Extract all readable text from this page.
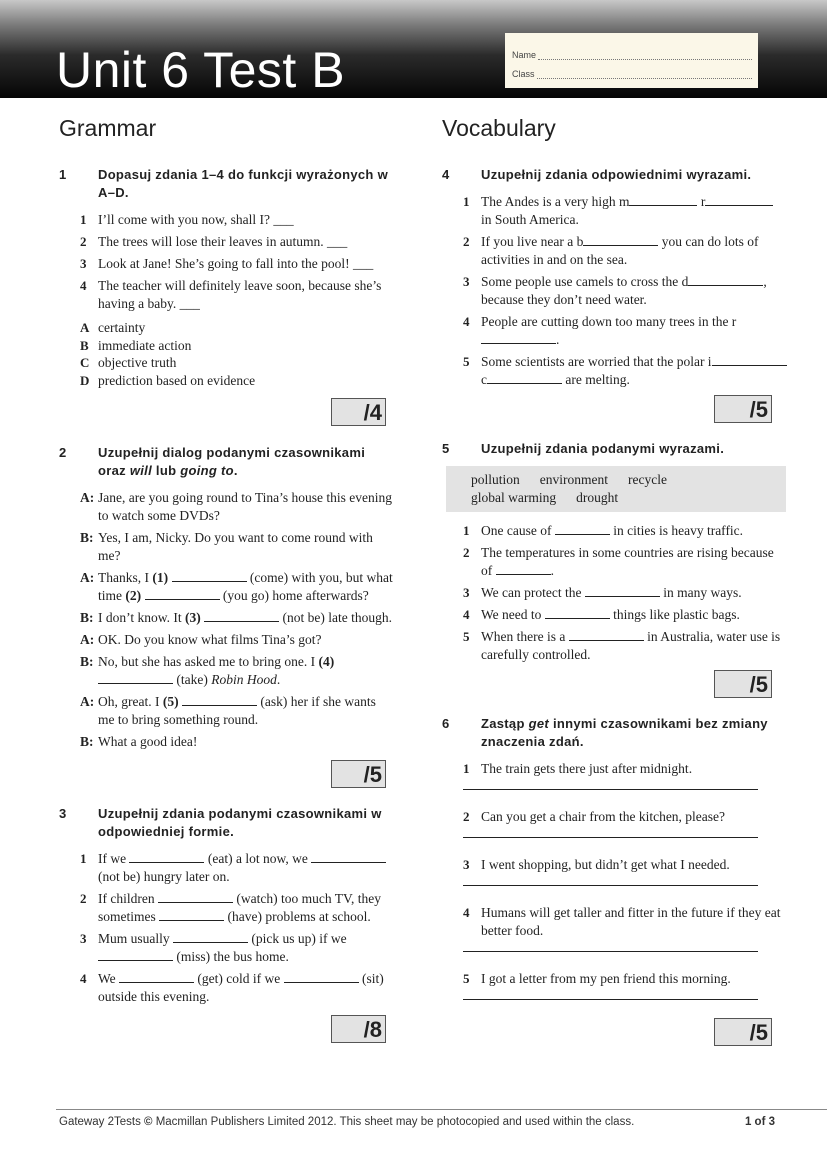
Unit 6 Test B	Name
Class
Grammar
1	Dopasuj zdania 1–4 do funkcji wyrażonych w A–D.
1 I’ll come with you now, shall I? ___
2 The trees will lose their leaves in autumn. ___
3 Look at Jane! She’s going to fall into the pool! ___
4 The teacher will definitely leave soon, because she’s having a baby. ___
A certainty
B immediate action
C objective truth
D prediction based on evidence
/4
2	Uzupełnij dialog podanymi czasownikami oraz will lub going to.
A: Jane, are you going round to Tina’s house this evening to watch some DVDs?
B: Yes, I am, Nicky. Do you want to come round with me?
A: Thanks, I (1)	(come) with you, but what time (2)	(you go) home afterwards?
B: I don’t know. It (3)	(not be) late though.
A: OK. Do you know what films Tina’s got?
B: No, but she has asked me to bring one. I (4)  (take) Robin Hood.
A: Oh, great. I (5)	(ask) her if she wants me to bring something round.
B: What a good idea!
/5
3	Uzupełnij zdania podanymi czasownikami w odpowiedniej formie.
1 If we	(eat) a lot now, we  (not be) hungry later on.
2 If children	(watch) too much TV, they sometimes	(have) problems at school.
3 Mum usually	(pick us up) if we  (miss) the bus home.
4 We	(get) cold if we	(sit) outside this evening.
/8
Vocabulary
4	Uzupełnij zdania odpowiednimi wyrazami.
1 The Andes is a very high m	r in South America.
2 If you live near a b	you can do lots of activities in and on the sea.
3 Some people use camels to cross the d	, because they don’t need water.
4 People are cutting down too many trees in the r.
5 Some scientists are worried that the polar i c	are melting.
/5
5	Uzupełnij zdania podanymi wyrazami.
pollution environment recycle
global warming drought
1 One cause of	in cities is heavy traffic.
2 The temperatures in some countries are rising because of	.
3 We can protect the	in many ways.
4 We need to	things like plastic bags.
5 When there is a	in Australia, water use is carefully controlled.
/5
6	Zastąp get innymi czasownikami bez zmiany znaczenia zdań.
1 The train gets there just after midnight.
2 Can you get a chair from the kitchen, please?
3 I went shopping, but didn’t get what I needed.
4 Humans will get taller and fitter in the future if they eat better food.
5 I got a letter from my pen friend this morning.
/5
Gateway 2Tests © Macmillan Publishers Limited 2012. This sheet may be photocopied and used within the class.	1 of 3
